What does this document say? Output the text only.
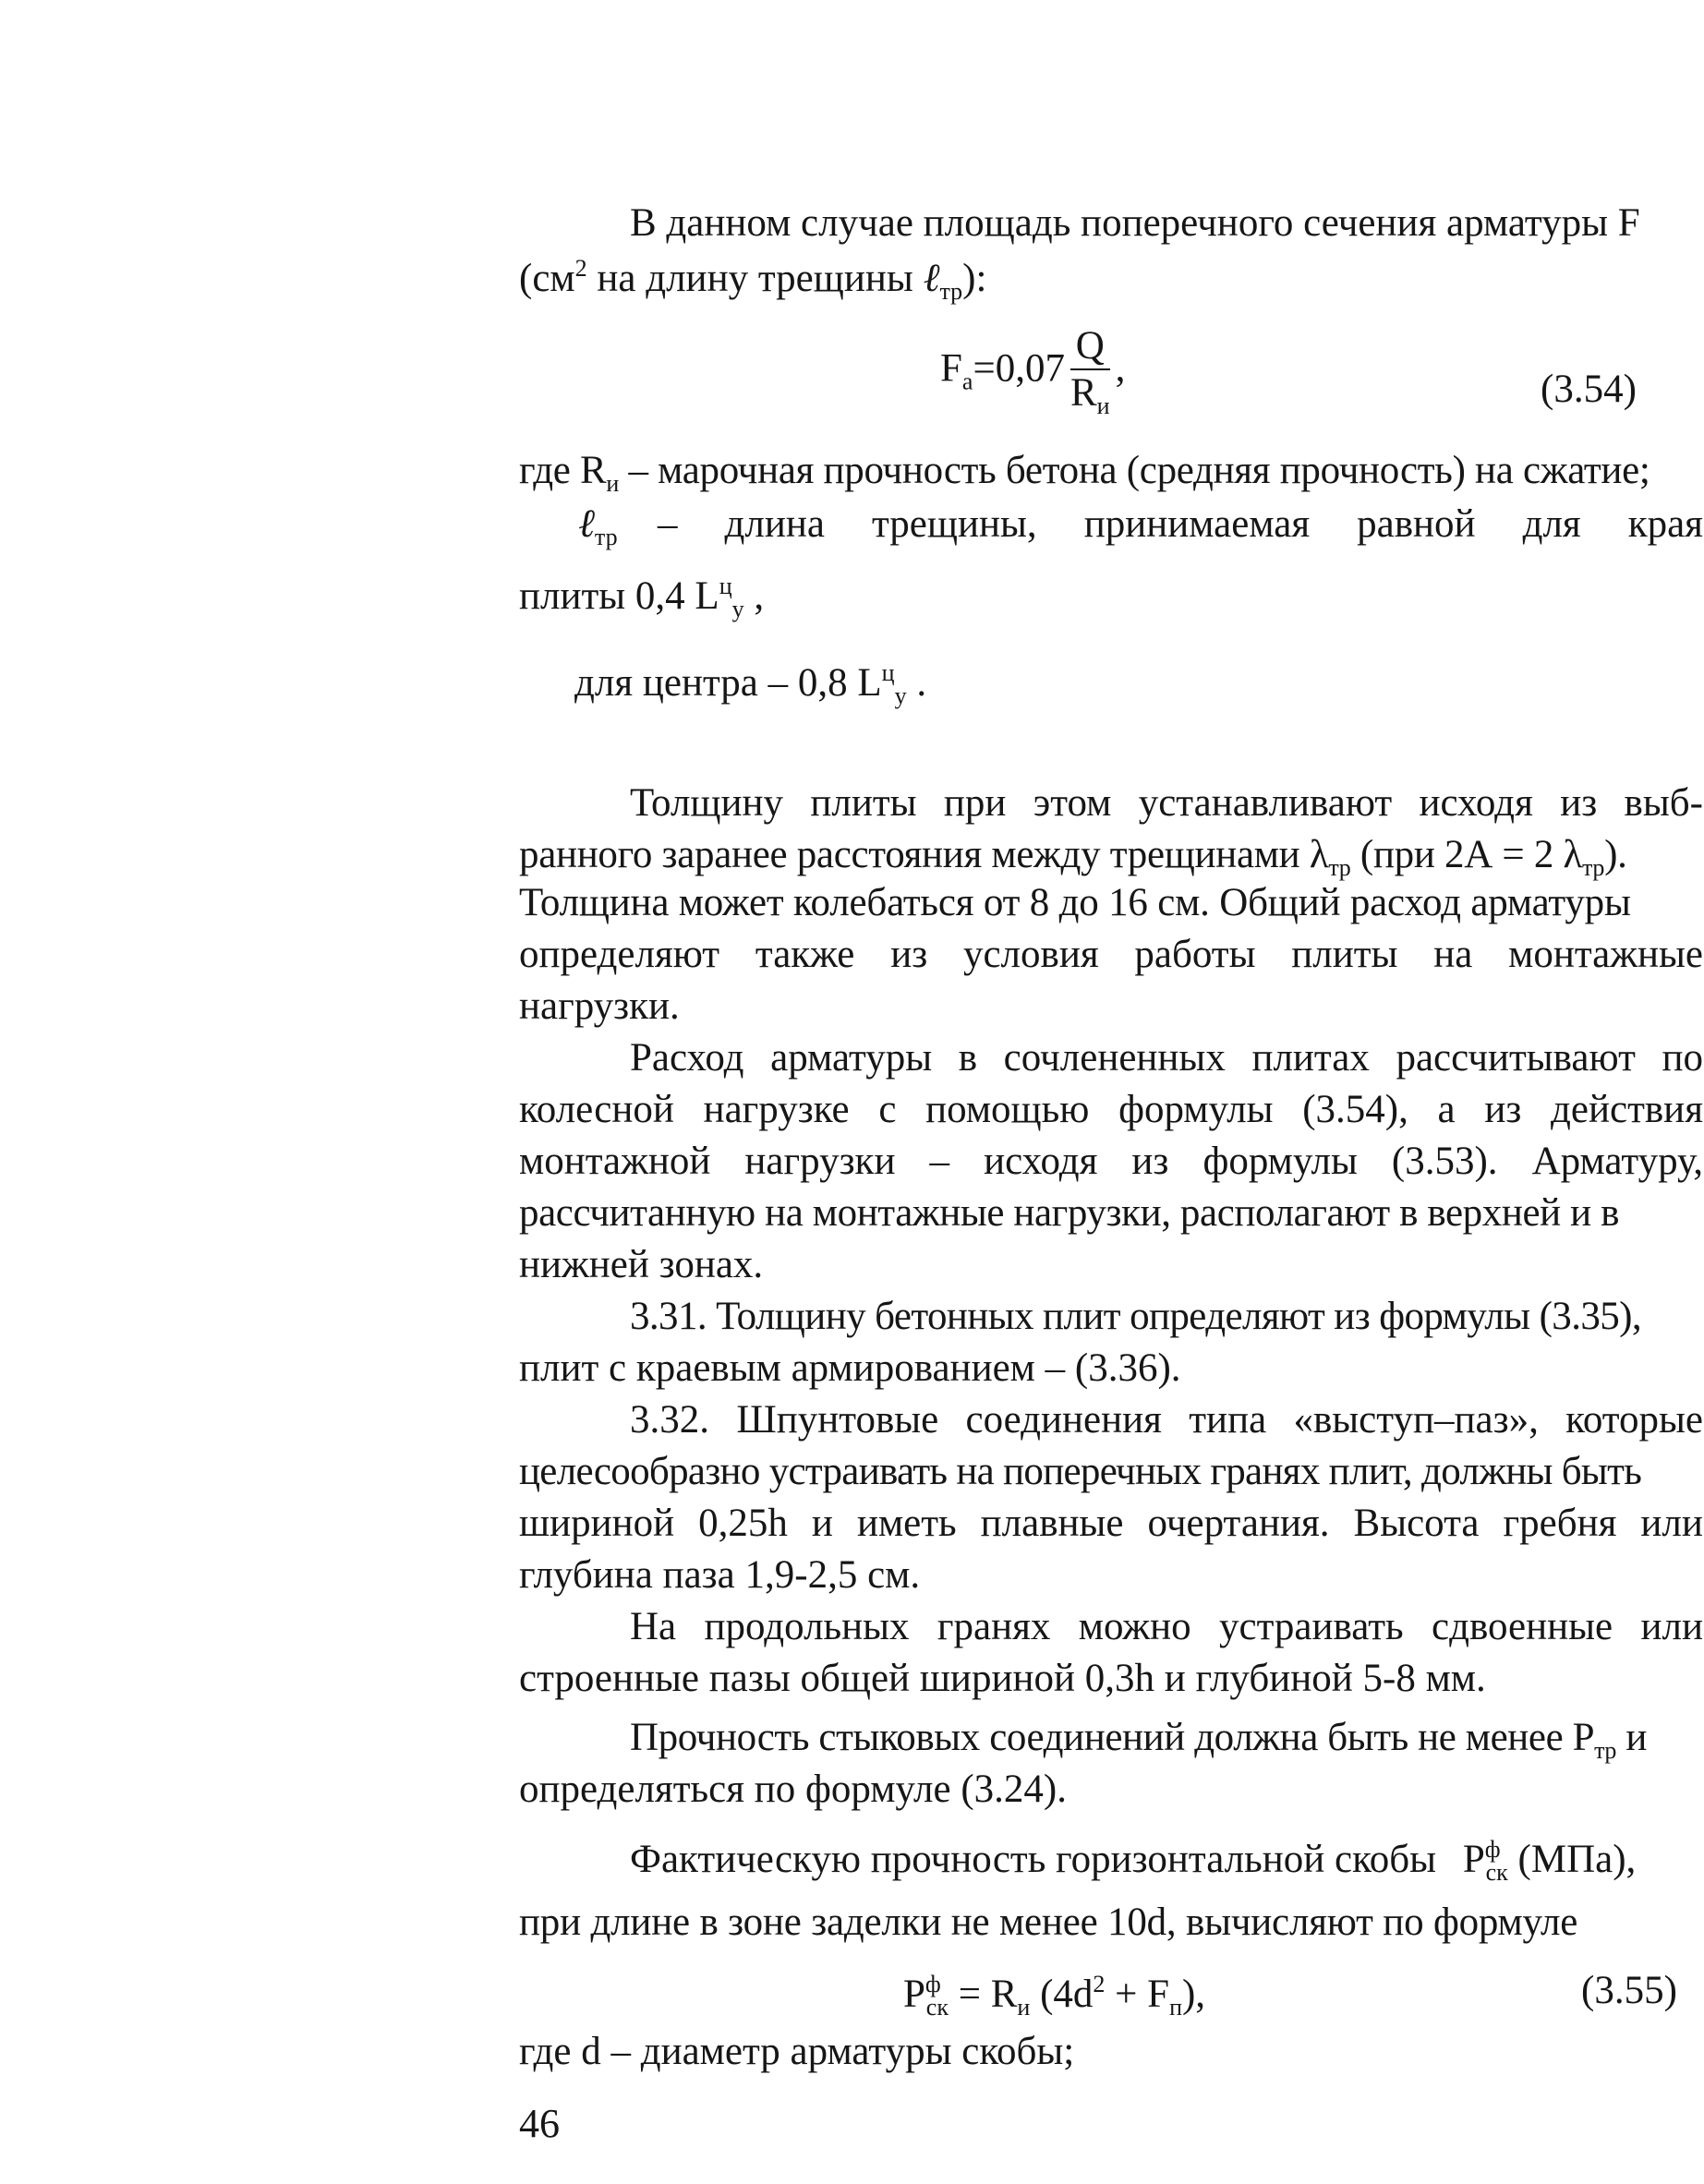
В данном случае площадь поперечного сечения арматуры F
($см^2$ на длину трещины ℓ$_{тр}$):
$F_а=0,07 \frac{Q}{R_и}$ ,	(3.54)
где $R_и$ – марочная прочность бетона (средняя прочность) на сжатие;
ℓ$_{тр}$ – длина трещины, принимаемая равной для края
плиты 0,4 $L^ц_у$ ,
для центра – 0,8 $L^ц_у$ .
Толщину плиты при этом устанавливают исходя из выб-
ранного заранее расстояния между трещинами $\lambda_{тр}$ (при 2А = 2 $\lambda_{тр}$).
Толщина может колебаться от 8 до 16 см. Общий расход арматуры
определяют также из условия работы плиты на монтажные
нагрузки.
Расход арматуры в сочлененных плитах рассчитывают по
колесной нагрузке с помощью формулы (3.54), а из действия
монтажной нагрузки – исходя из формулы (3.53). Арматуру,
рассчитанную на монтажные нагрузки, располагают в верхней и в
нижней зонах.
3.31. Толщину бетонных плит определяют из формулы (3.35),
плит с краевым армированием – (3.36).
3.32. Шпунтовые соединения типа «выступ–паз», которые
целесообразно устраивать на поперечных гранях плит, должны быть
шириной 0,25h и иметь плавные очертания. Высота гребня или
глубина паза 1,9-2,5 см.
На продольных гранях можно устраивать сдвоенные или
строенные пазы общей шириной 0,3h и глубиной 5-8 мм.
Прочность стыковых соединений должна быть не менее $P_{тр}$ и
определяться по формуле (3.24).
Фактическую прочность горизонтальной скобы $P^ф_{ск}$ (МПа),
при длине в зоне заделки не менее 10d, вычисляют по формуле
$P^ф_{ск} = R_и$ $(4d^2 + F_п)$,	(3.55)
где d – диаметр арматуры скобы;
46
